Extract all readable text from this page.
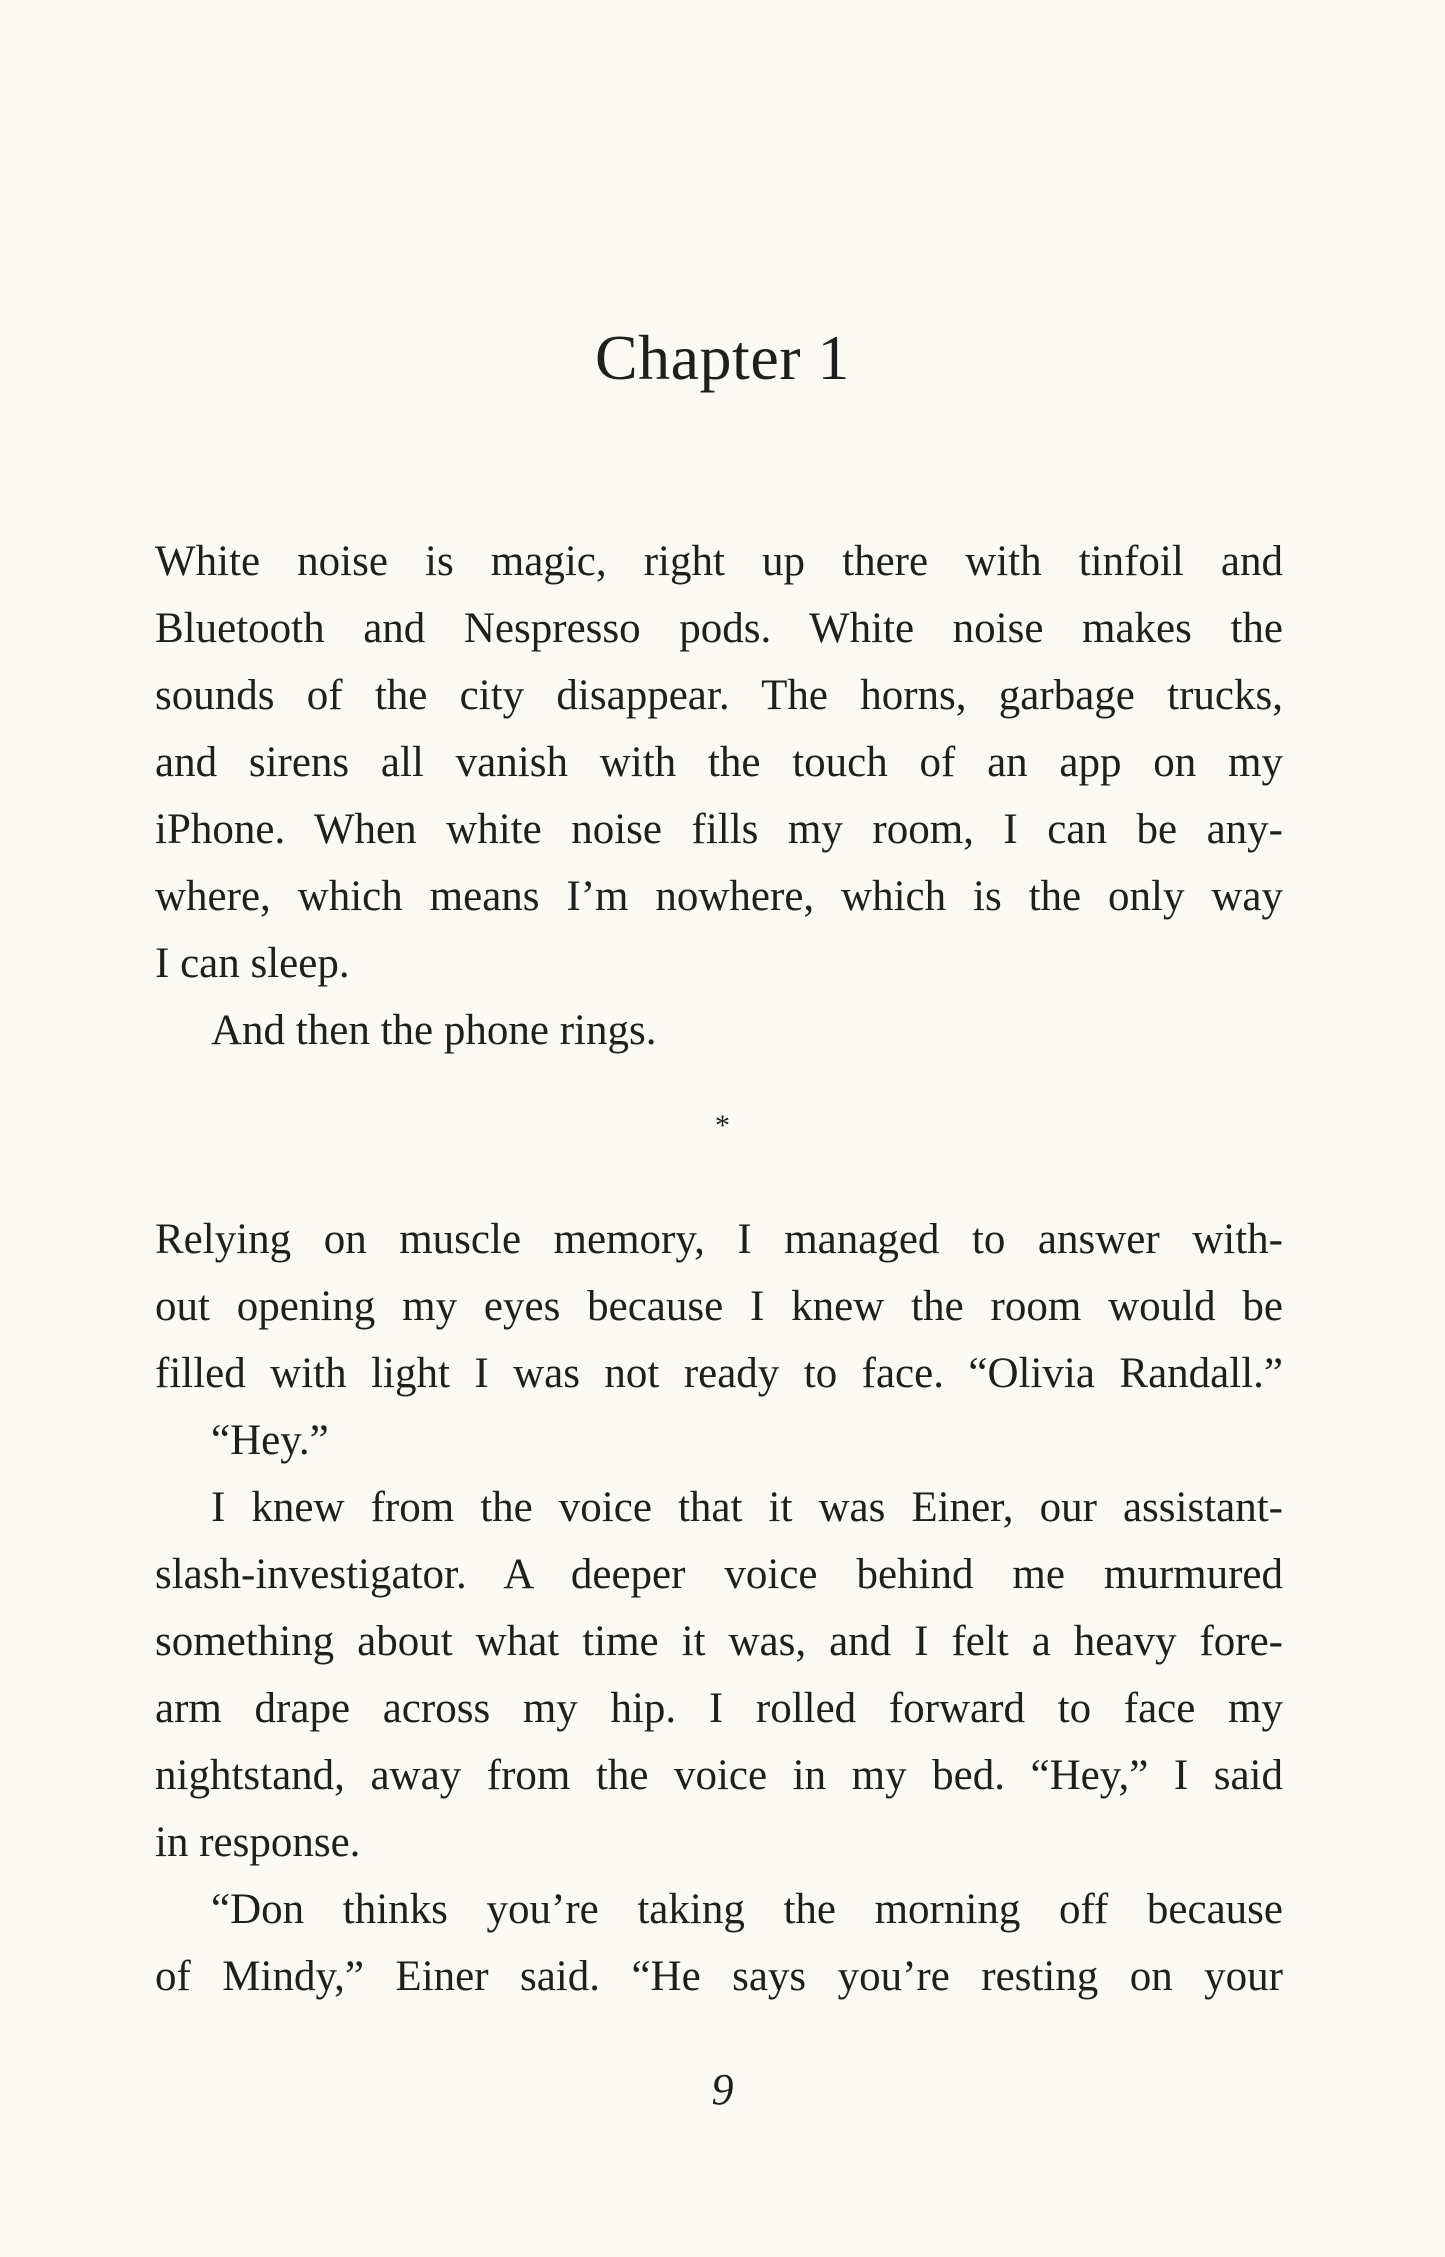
Chapter 1
White noise is magic, right up there with tinfoil and
Bluetooth and Nespresso pods. White noise makes the
sounds of the city disappear. The horns, garbage trucks,
and sirens all vanish with the touch of an app on my
iPhone. When white noise fills my room, I can be any-
where, which means I’m nowhere, which is the only way
I can sleep.
And then the phone rings.
*
Relying on muscle memory, I managed to answer with-
out opening my eyes because I knew the room would be
filled with light I was not ready to face. “Olivia Randall.”
“Hey.”
I knew from the voice that it was Einer, our assistant-
slash-investigator. A deeper voice behind me murmured
something about what time it was, and I felt a heavy fore-
arm drape across my hip. I rolled forward to face my
nightstand, away from the voice in my bed. “Hey,” I said
in response.
“Don thinks you’re taking the morning off because
of Mindy,” Einer said. “He says you’re resting on your
9
